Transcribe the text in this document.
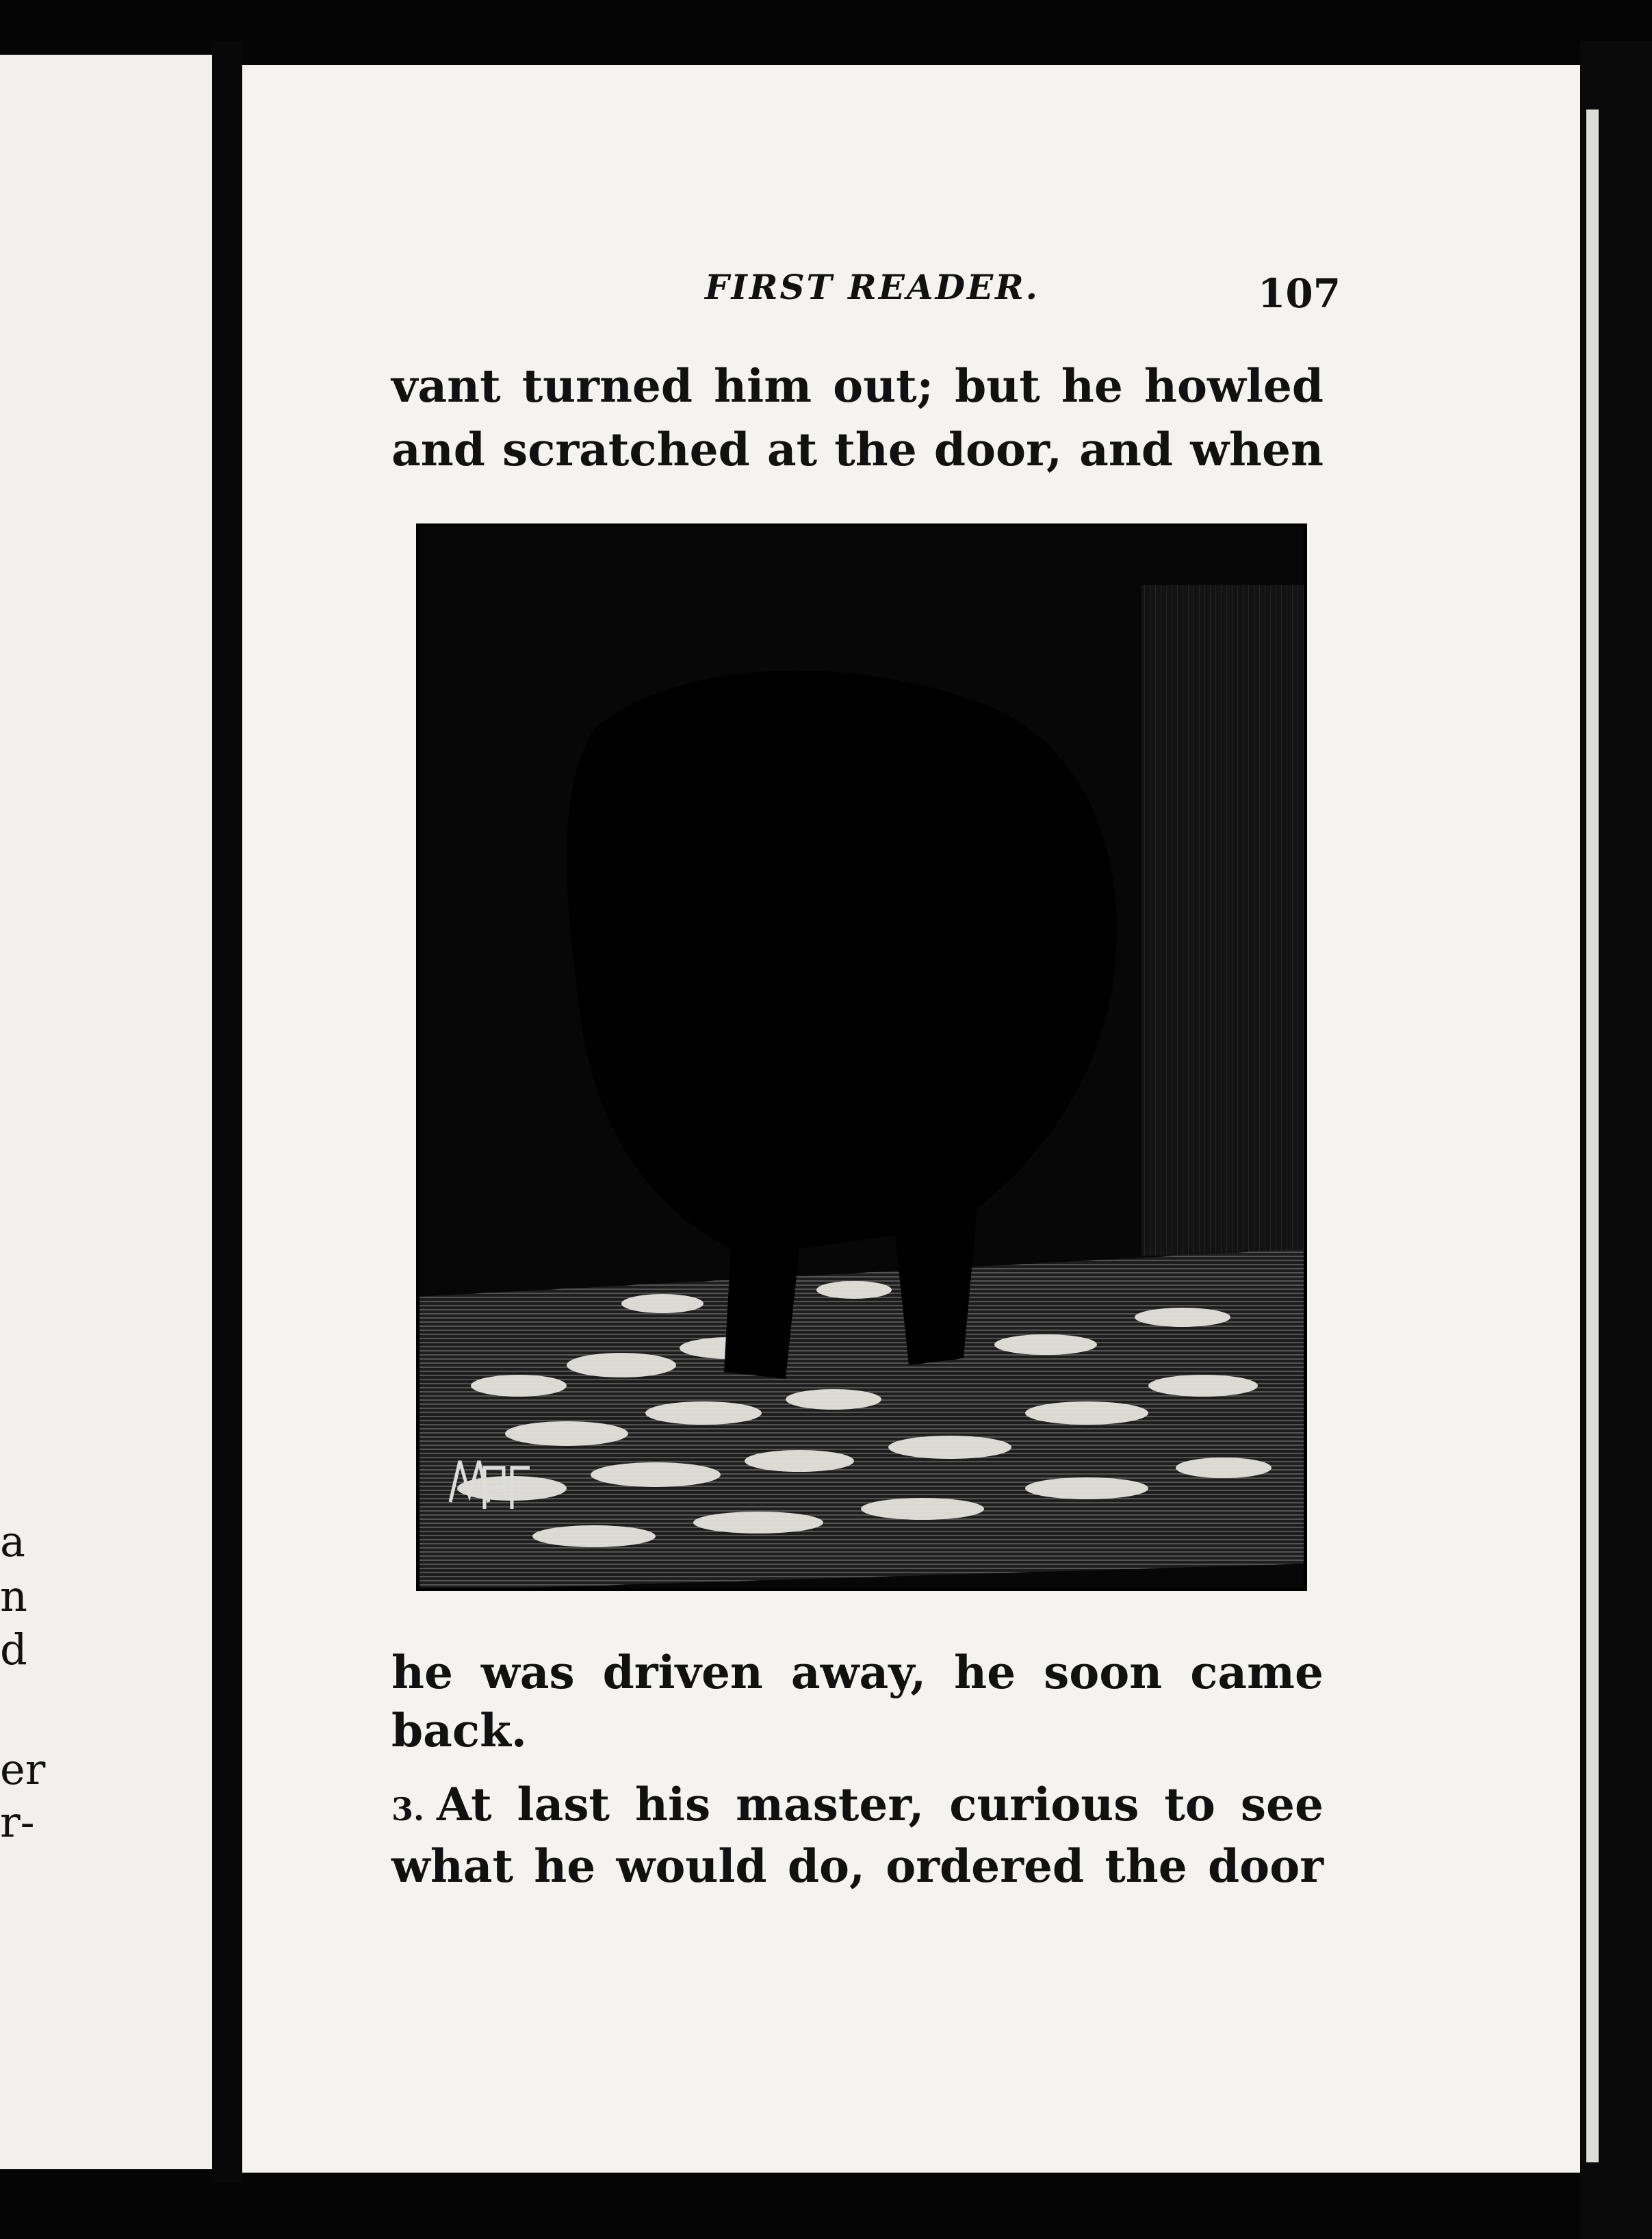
a
n
d
er
r-
FIRST READER.	107
vant turned him out; but he howled
and scratched at the door, and when
he was driven away, he soon came
back.
3. At last his master, curious to see
what he would do, ordered the door
